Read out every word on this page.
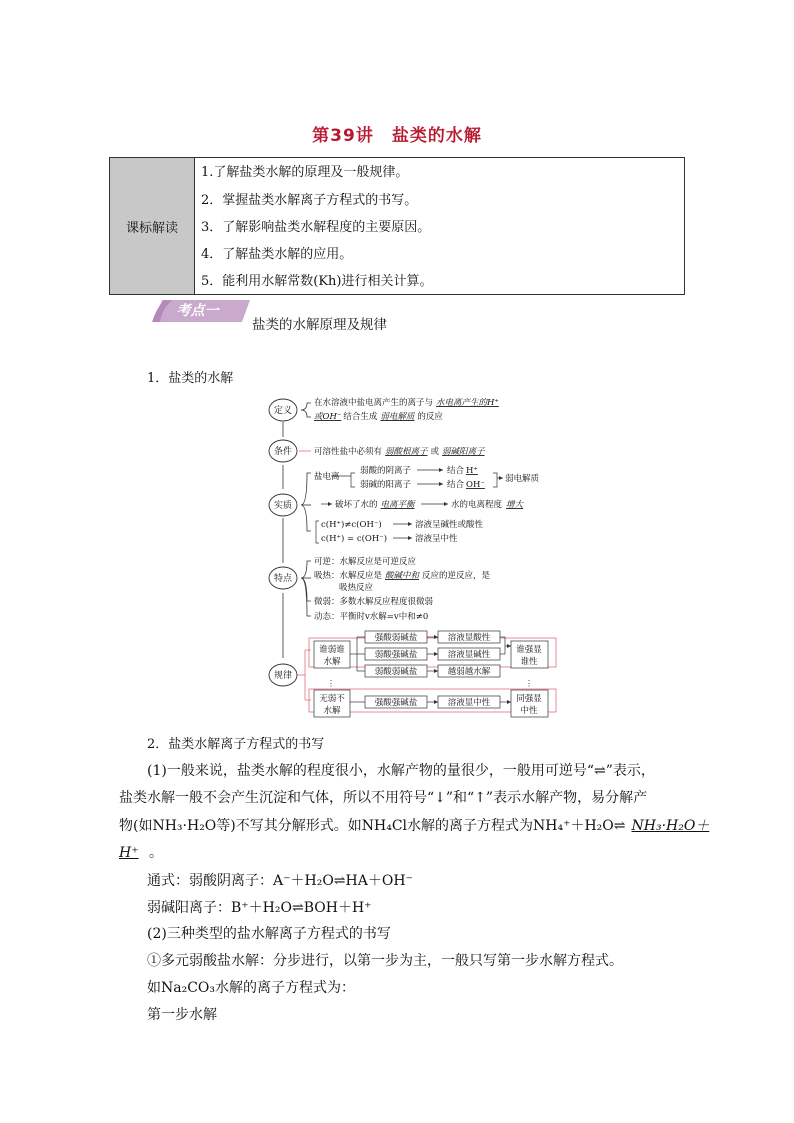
第39讲　盐类的水解
课标解读
1.了解盐类水解的原理及一般规律。
2．掌握盐类水解离子方程式的书写。
3．了解影响盐类水解程度的主要原因。
4．了解盐类水解的应用。
5．能利用水解常数(Kh)进行相关计算。
考点一
盐类的水解原理及规律
1．盐类的水解
定义
条件
实质
特点
规律
在水溶液中盐电离产生的离子与 水电离产生的H⁺
或OH⁻ 结合生成 弱电解质 的反应
可溶性盐中必须有 弱酸根离子 或 弱碱阳离子
盐电离
弱酸的阴离子
弱碱的阳离子
结合 H⁺
结合 OH⁻
弱电解质
破坏了水的 电离平衡	水的电离程度 增大
c(H⁺)≠c(OH⁻)	溶液呈碱性或酸性
c(H⁺) = c(OH⁻)	溶液呈中性
可逆：水解反应是可逆反应
吸热：水解反应是 酸碱中和 反应的逆反应，是
吸热反应
微弱：多数水解反应程度很微弱
动态：平衡时v水解=v中和≠0
⋮	⋮
谁弱谁
水解
无弱不
水解
强酸弱碱盐
弱酸强碱盐
弱酸弱碱盐
强酸强碱盐
溶液显酸性
溶液显碱性
越弱越水解
溶液显中性
谁强显
谁性
同强显
中性
2．盐类水解离子方程式的书写
(1)一般来说，盐类水解的程度很小，水解产物的量很少，一般用可逆号“⇌”表示，
盐类水解一般不会产生沉淀和气体，所以不用符号“↓”和“↑”表示水解产物，易分解产
物(如NH₃·H₂O等)不写其分解形式。如NH₄Cl水解的离子方程式为NH₄⁺＋H₂O⇌ NH₃·H₂O＋
H⁺ 。
通式：弱酸阴离子：A⁻＋H₂O⇌HA＋OH⁻
弱碱阳离子：B⁺＋H₂O⇌BOH＋H⁺
(2)三种类型的盐水解离子方程式的书写
①多元弱酸盐水解：分步进行，以第一步为主，一般只写第一步水解方程式。
如Na₂CO₃水解的离子方程式为：
第一步水解
